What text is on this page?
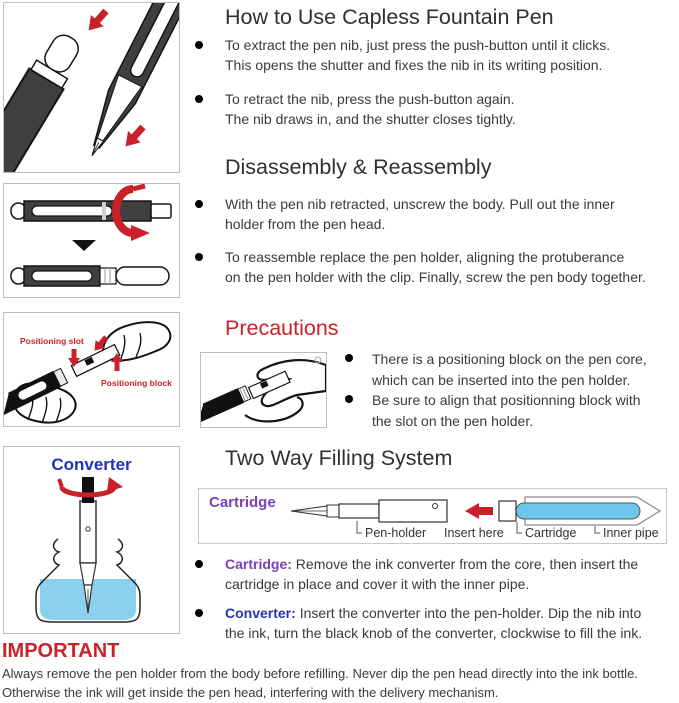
Positioning slot
Positioning block
Converter
How to Use Capless Fountain Pen
To extract the pen nib, just press the push-button until it clicks.
This opens the shutter and fixes the nib in its writing position.
To retract the nib, press the push-button again.
The nib draws in, and the shutter closes tightly.
Disassembly & Reassembly
With the pen nib retracted, unscrew the body. Pull out the inner
holder from the pen head.
To reassemble replace the pen holder, aligning the protuberance
on the pen holder with the clip. Finally, screw the pen body together.
Precautions
There is a positioning block on the pen core,
which can be inserted into the pen holder.
Be sure to align that positionning block with
the slot on the pen holder.
Two Way Filling System
Pen-holder Insert here Cartridge Inner pipe
Cartridge
Cartridge: Remove the ink converter from the core, then insert the
cartridge in place and cover it with the inner pipe.
Converter: Insert the converter into the pen-holder. Dip the nib into
the ink, turn the black knob of the converter, clockwise to fill the ink.
IMPORTANT
Always remove the pen holder from the body before refilling. Never dip the pen head directly into the ink bottle.
Otherwise the ink will get inside the pen head, interfering with the delivery mechanism.
